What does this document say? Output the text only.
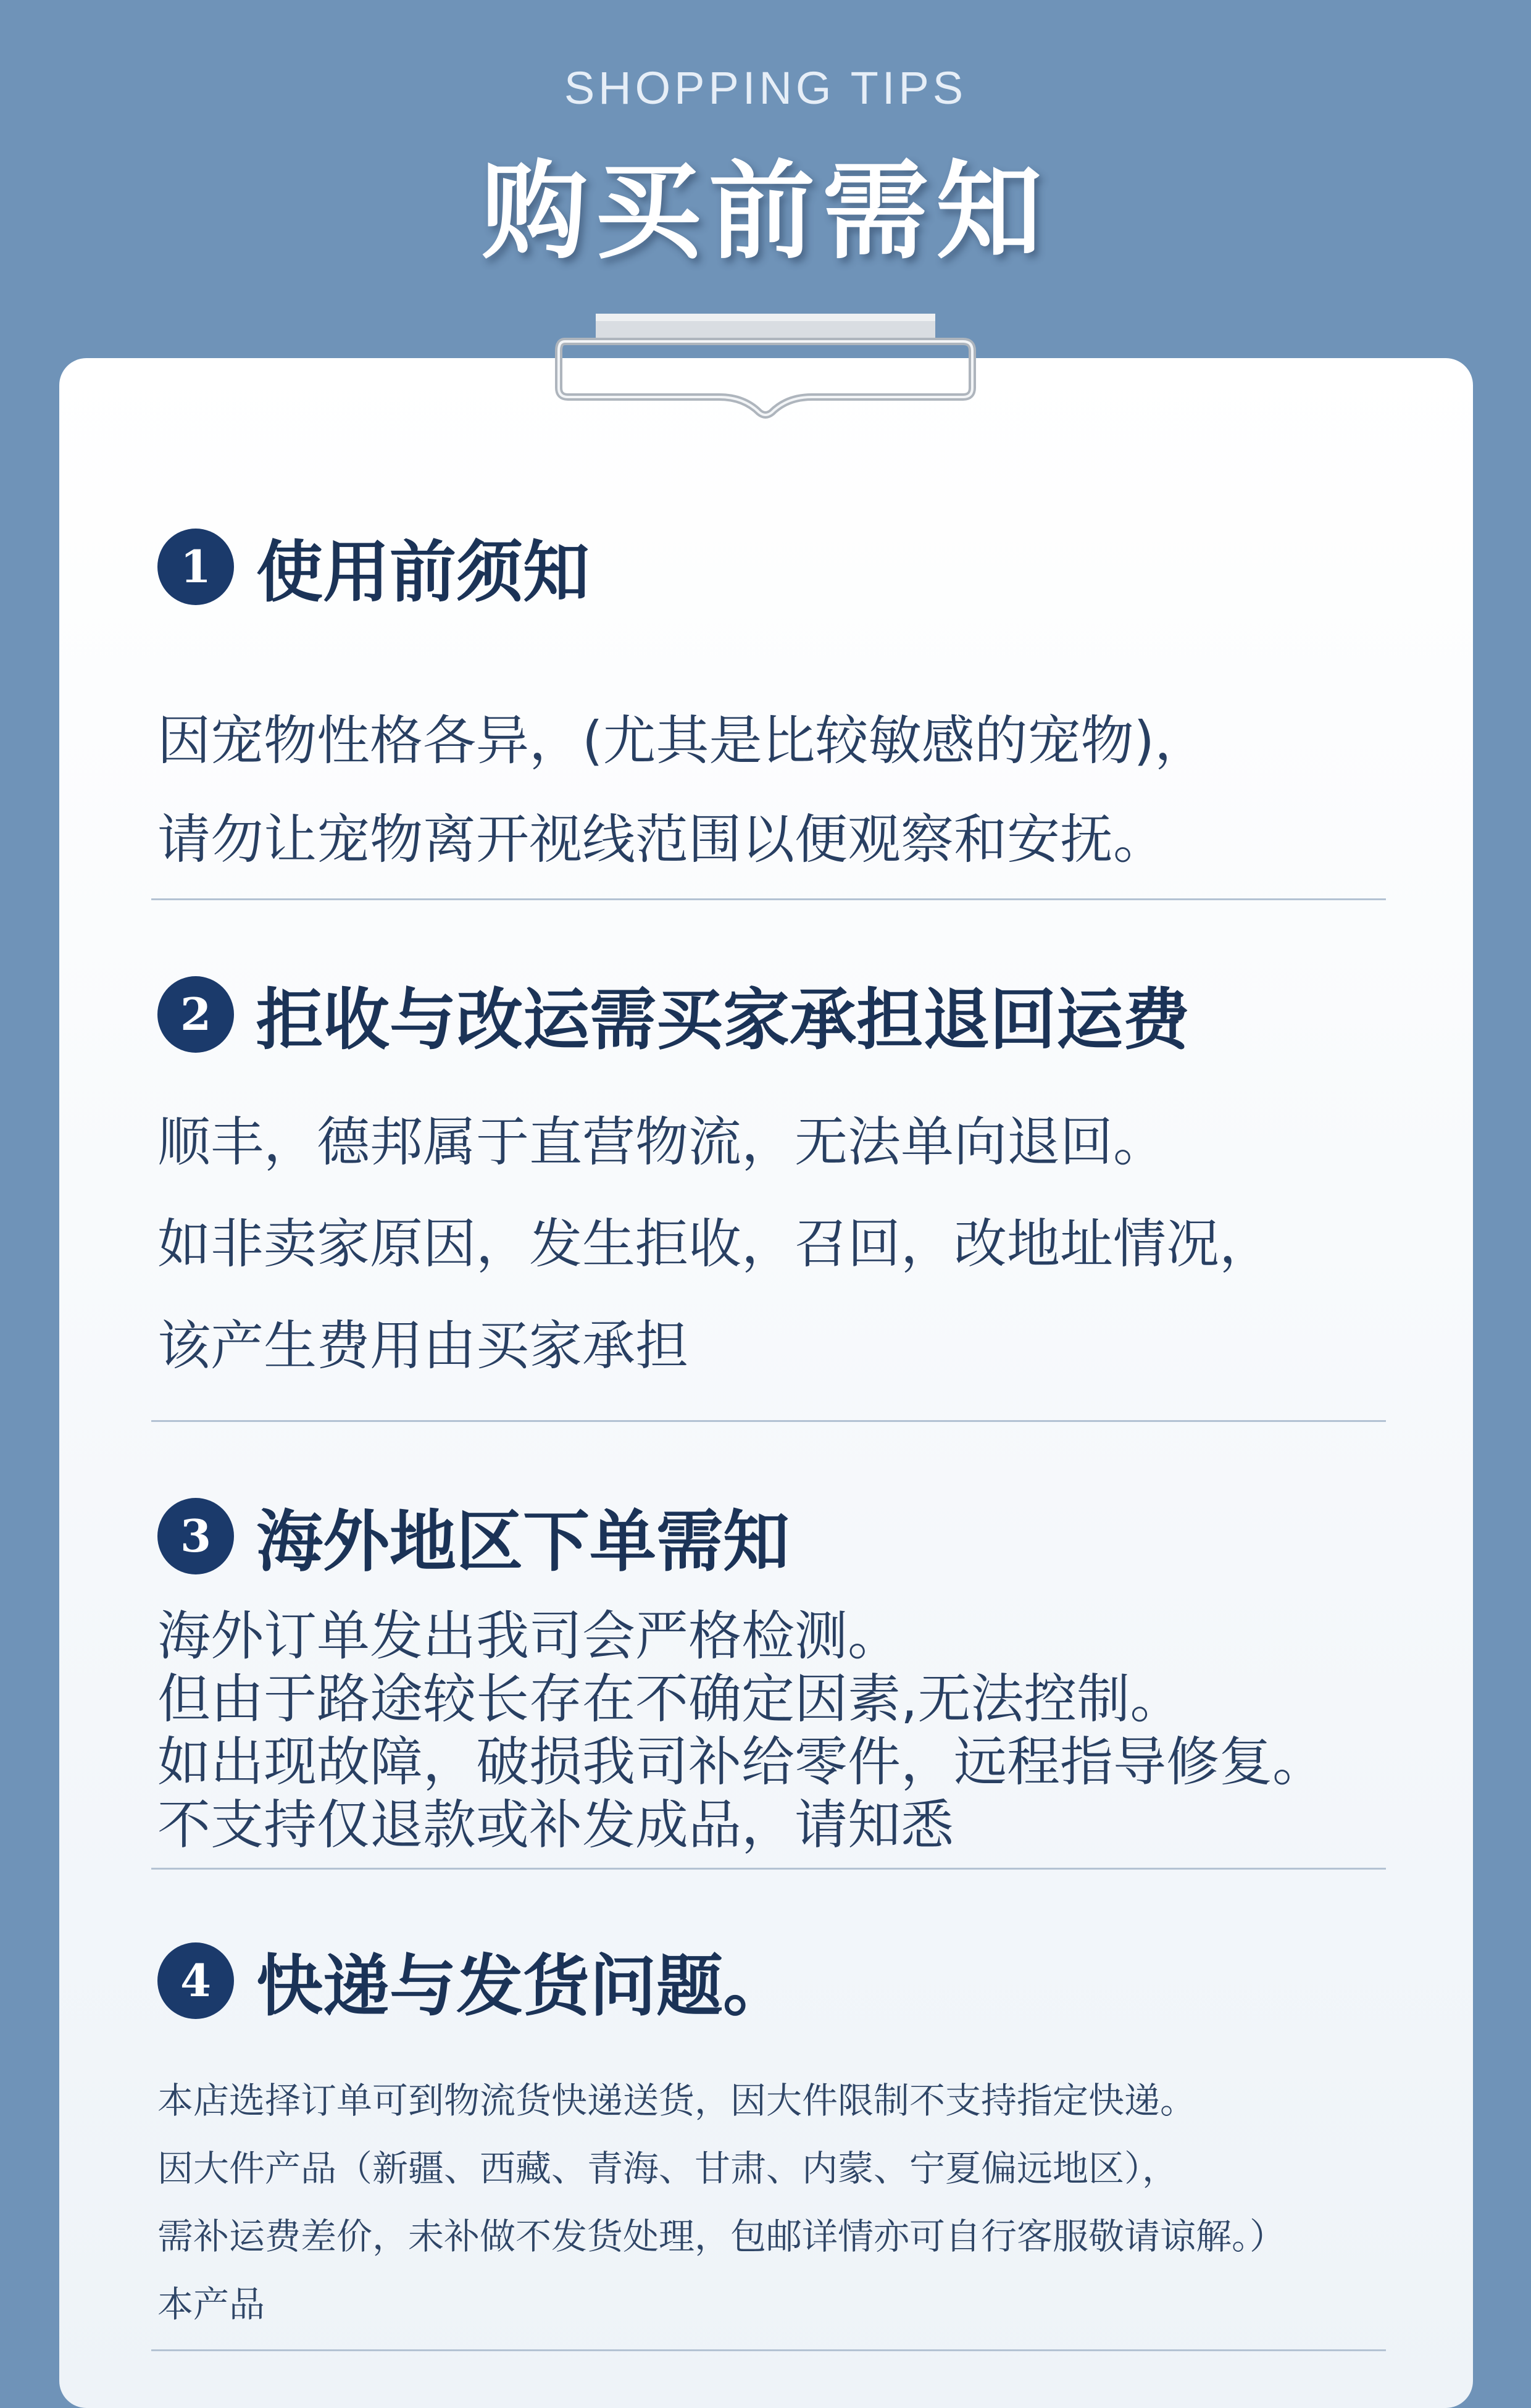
SHOPPING TIPS
购买前需知
1 使用前须知
因宠物性格各异，(尤其是比较敏感的宠物)，
请勿让宠物离开视线范围以便观察和安抚。
2 拒收与改运需买家承担退回运费
顺丰，德邦属于直营物流，无法单向退回。
如非卖家原因，发生拒收，召回，改地址情况，
该产生费用由买家承担
3 海外地区下单需知
海外订单发出我司会严格检测。
但由于路途较长存在不确定因素,无法控制。
如出现故障，破损我司补给零件，远程指导修复。
不支持仅退款或补发成品，请知悉
4 快递与发货问题。
本店选择订单可到物流货快递送货，因大件限制不支持指定快递。
因大件产品（新疆、西藏、青海、甘肃、内蒙、宁夏偏远地区），
需补运费差价，未补做不发货处理，包邮详情亦可自行客服敬请谅解。）
本产品
